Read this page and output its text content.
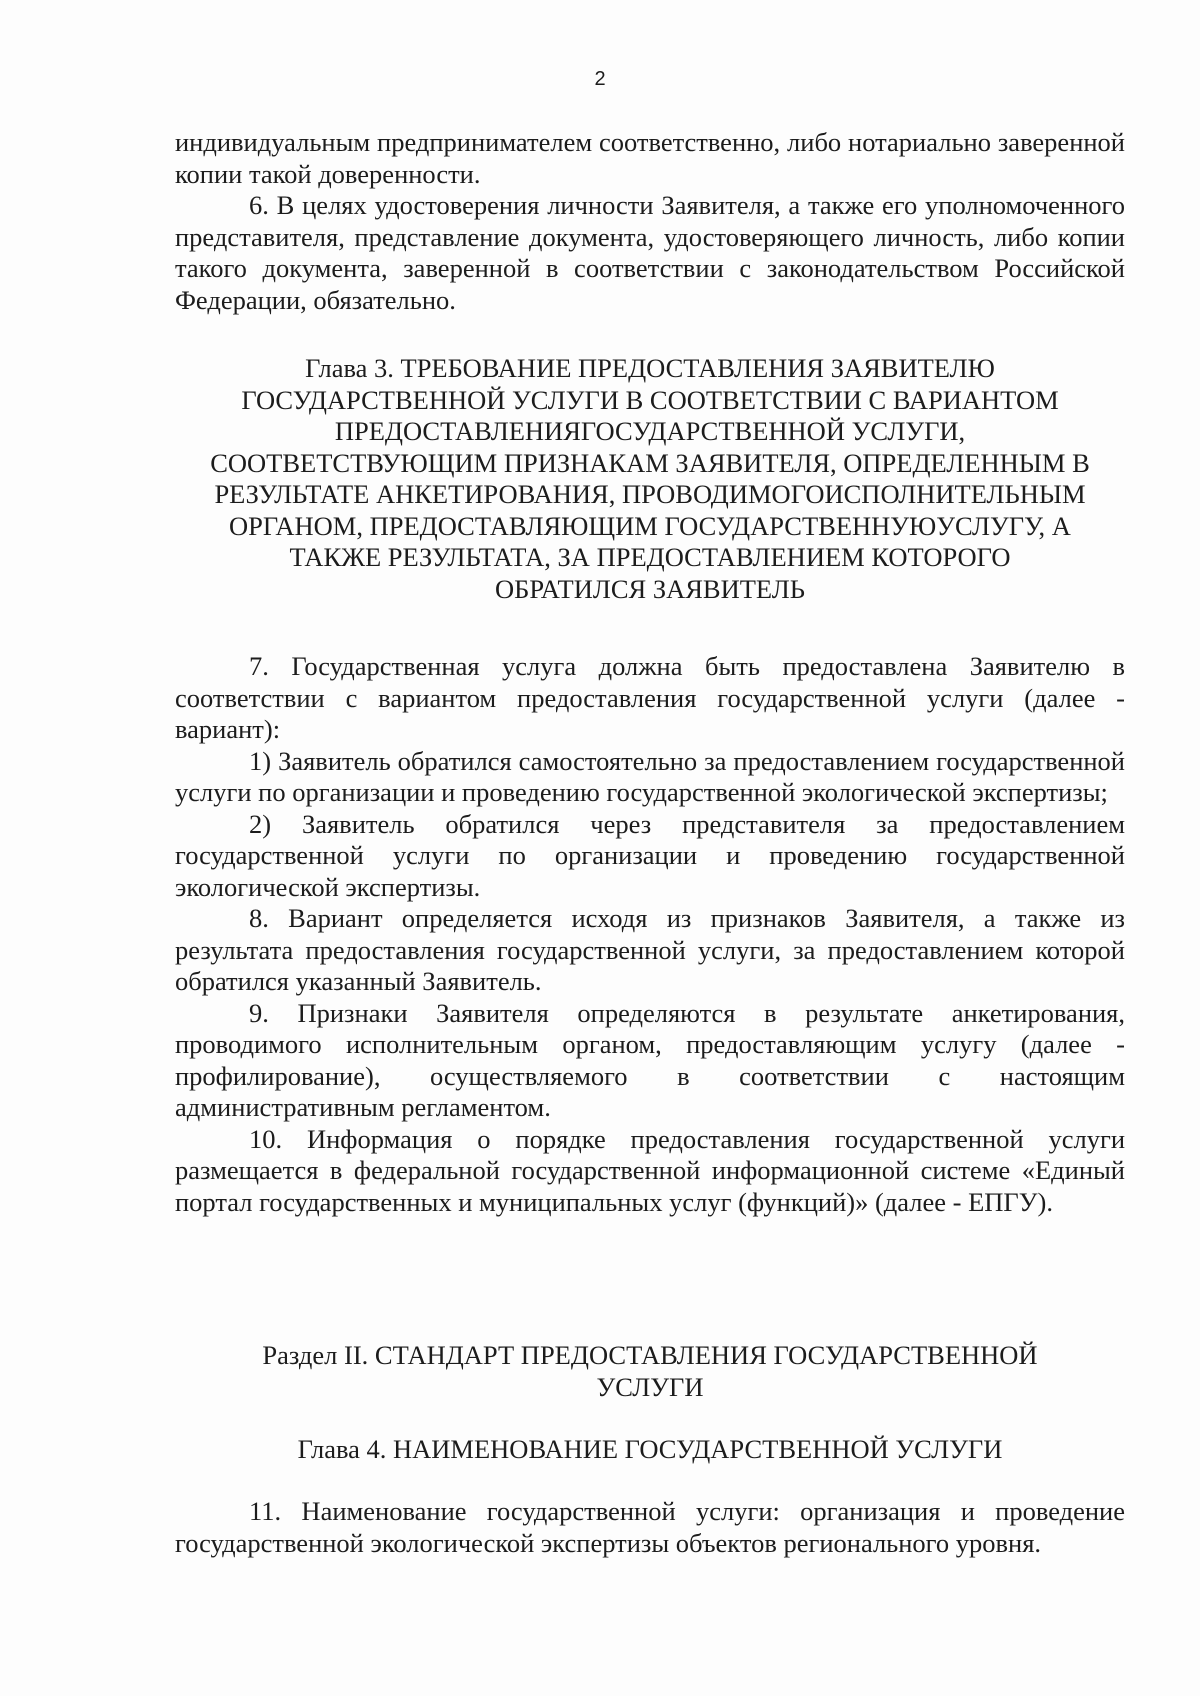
2

индивидуальным предпринимателем соответственно, либо нотариально заверенной копии такой доверенности.

6. В целях удостоверения личности Заявителя, а также его уполномоченного представителя, представление документа, удостоверяющего личность, либо копии такого документа, заверенной в соответствии с законодательством Российской Федерации, обязательно.

Глава 3. ТРЕБОВАНИЕ ПРЕДОСТАВЛЕНИЯ ЗАЯВИТЕЛЮ
ГОСУДАРСТВЕННОЙ УСЛУГИ В СООТВЕТСТВИИ С ВАРИАНТОМ
ПРЕДОСТАВЛЕНИЯГОСУДАРСТВЕННОЙ УСЛУГИ,
СООТВЕТСТВУЮЩИМ ПРИЗНАКАМ ЗАЯВИТЕЛЯ, ОПРЕДЕЛЕННЫМ В
РЕЗУЛЬТАТЕ АНКЕТИРОВАНИЯ, ПРОВОДИМОГОИСПОЛНИТЕЛЬНЫМ
ОРГАНОМ, ПРЕДОСТАВЛЯЮЩИМ ГОСУДАРСТВЕННУЮУСЛУГУ, А
ТАКЖЕ РЕЗУЛЬТАТА, ЗА ПРЕДОСТАВЛЕНИЕМ КОТОРОГО
ОБРАТИЛСЯ ЗАЯВИТЕЛЬ

7. Государственная услуга должна быть предоставлена Заявителю в соответствии с вариантом предоставления государственной услуги (далее - вариант):

1) Заявитель обратился самостоятельно за предоставлением государственной услуги по организации и проведению государственной экологической экспертизы;

2) Заявитель обратился через представителя за предоставлением государственной услуги по организации и проведению государственной экологической экспертизы.

8. Вариант определяется исходя из признаков Заявителя, а также из результата предоставления государственной услуги, за предоставлением которой обратился указанный Заявитель.

9. Признаки Заявителя определяются в результате анкетирования, проводимого исполнительным органом, предоставляющим услугу (далее - профилирование), осуществляемого в соответствии с настоящим административным регламентом.

10. Информация о порядке предоставления государственной услуги размещается в федеральной государственной информационной системе «Единый портал государственных и муниципальных услуг (функций)» (далее - ЕПГУ).

Раздел II. СТАНДАРТ ПРЕДОСТАВЛЕНИЯ ГОСУДАРСТВЕННОЙ
УСЛУГИ
Глава 4. НАИМЕНОВАНИЕ ГОСУДАРСТВЕННОЙ УСЛУГИ

11. Наименование государственной услуги: организация и проведение государственной экологической экспертизы объектов регионального уровня.
